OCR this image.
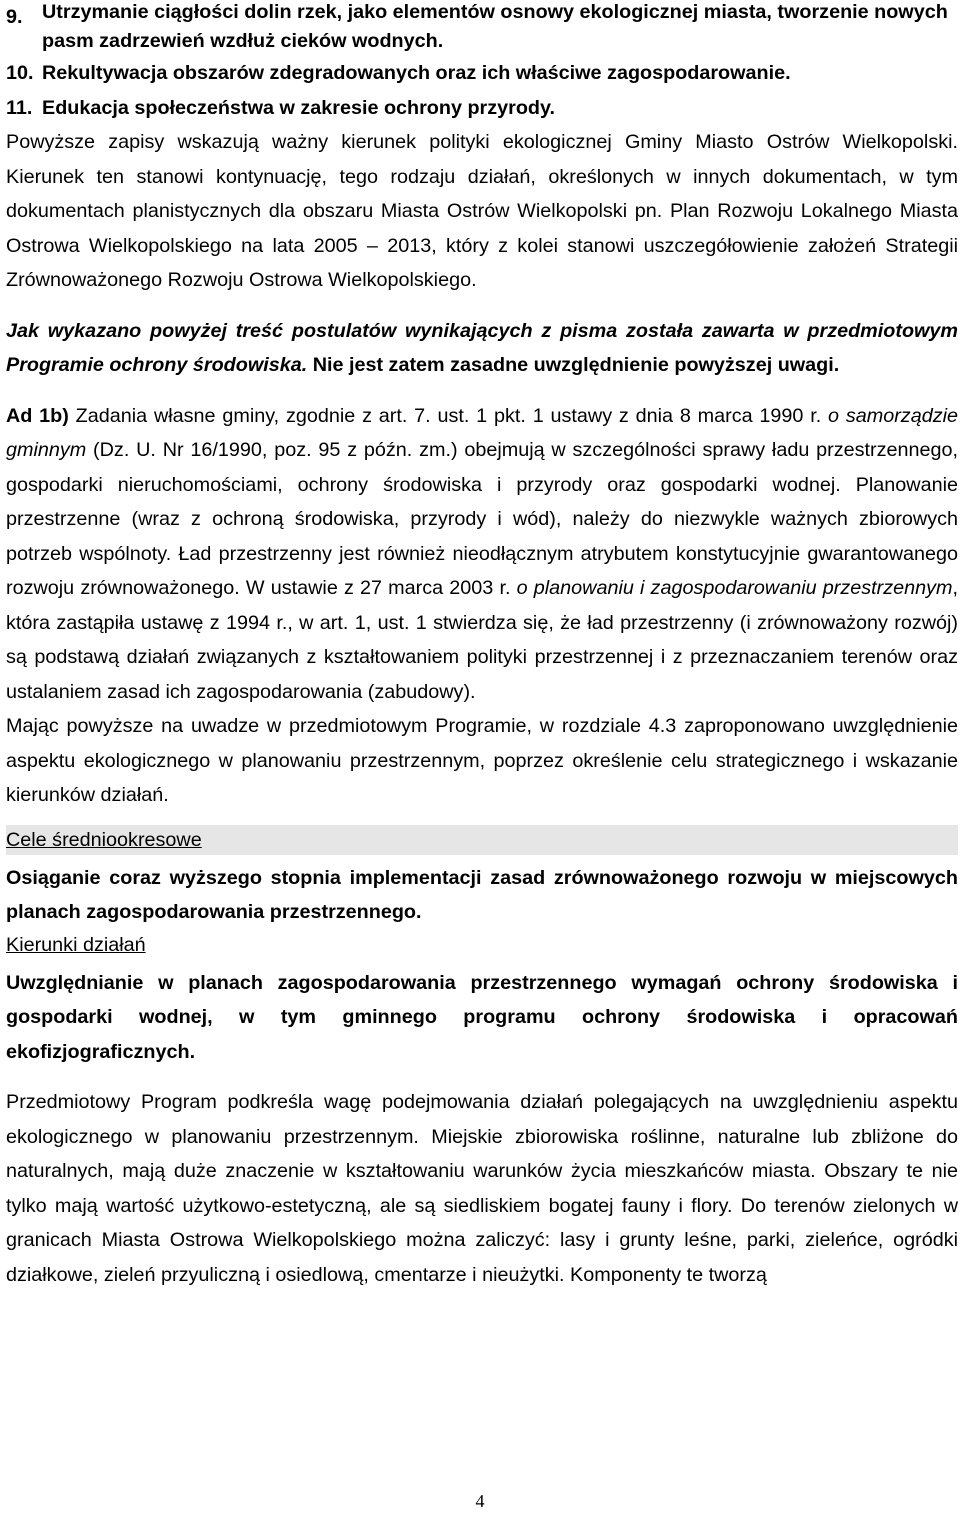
9. Utrzymanie ciągłości dolin rzek, jako elementów osnowy ekologicznej miasta, tworzenie nowych pasm zadrzewień wzdłuż cieków wodnych.
10. Rekultywacja obszarów zdegradowanych oraz ich właściwe zagospodarowanie.
11. Edukacja społeczeństwa w zakresie ochrony przyrody.

Powyższe zapisy wskazują ważny kierunek polityki ekologicznej Gminy Miasto Ostrów Wielkopolski. Kierunek ten stanowi kontynuację, tego rodzaju działań, określonych w innych dokumentach, w tym dokumentach planistycznych dla obszaru Miasta Ostrów Wielkopolski pn. Plan Rozwoju Lokalnego Miasta Ostrowa Wielkopolskiego na lata 2005 – 2013, który z kolei stanowi uszczegółowienie założeń Strategii Zrównoważonego Rozwoju Ostrowa Wielkopolskiego.

Jak wykazano powyżej treść postulatów wynikających z pisma została zawarta w przedmiotowym Programie ochrony środowiska. Nie jest zatem zasadne uwzględnienie powyższej uwagi.

Ad 1b) Zadania własne gminy, zgodnie z art. 7. ust. 1 pkt. 1 ustawy z dnia 8 marca 1990 r. o samorządzie gminnym (Dz. U. Nr 16/1990, poz. 95 z późn. zm.) obejmują w szczególności sprawy ładu przestrzennego, gospodarki nieruchomościami, ochrony środowiska i przyrody oraz gospodarki wodnej. Planowanie przestrzenne (wraz z ochroną środowiska, przyrody i wód), należy do niezwykle ważnych zbiorowych potrzeb wspólnoty. Ład przestrzenny jest również nieodłącznym atrybutem konstytucyjnie gwarantowanego rozwoju zrównoważonego. W ustawie z 27 marca 2003 r. o planowaniu i zagospodarowaniu przestrzennym, która zastąpiła ustawę z 1994 r., w art. 1, ust. 1 stwierdza się, że ład przestrzenny (i zrównoważony rozwój) są podstawą działań związanych z kształtowaniem polityki przestrzennej i z przeznaczaniem terenów oraz ustalaniem zasad ich zagospodarowania (zabudowy).

Mając powyższe na uwadze w przedmiotowym Programie, w rozdziale 4.3 zaproponowano uwzględnienie aspektu ekologicznego w planowaniu przestrzennym, poprzez określenie celu strategicznego i wskazanie kierunków działań.

Cele średniookresowe

Osiąganie coraz wyższego stopnia implementacji zasad zrównoważonego rozwoju w miejscowych planach zagospodarowania przestrzennego.

Kierunki działań

Uwzględnianie w planach zagospodarowania przestrzennego wymagań ochrony środowiska i gospodarki wodnej, w tym gminnego programu ochrony środowiska i opracowań ekofizjograficznych.

Przedmiotowy Program podkreśla wagę podejmowania działań polegających na uwzględnieniu aspektu ekologicznego w planowaniu przestrzennym. Miejskie zbiorowiska roślinne, naturalne lub zbliżone do naturalnych, mają duże znaczenie w kształtowaniu warunków życia mieszkańców miasta. Obszary te nie tylko mają wartość użytkowo-estetyczną, ale są siedliskiem bogatej fauny i flory. Do terenów zielonych w granicach Miasta Ostrowa Wielkopolskiego można zaliczyć: lasy i grunty leśne, parki, zieleńce, ogródki działkowe, zieleń przyuliczną i osiedlową, cmentarze i nieużytki. Komponenty te tworzą

4
